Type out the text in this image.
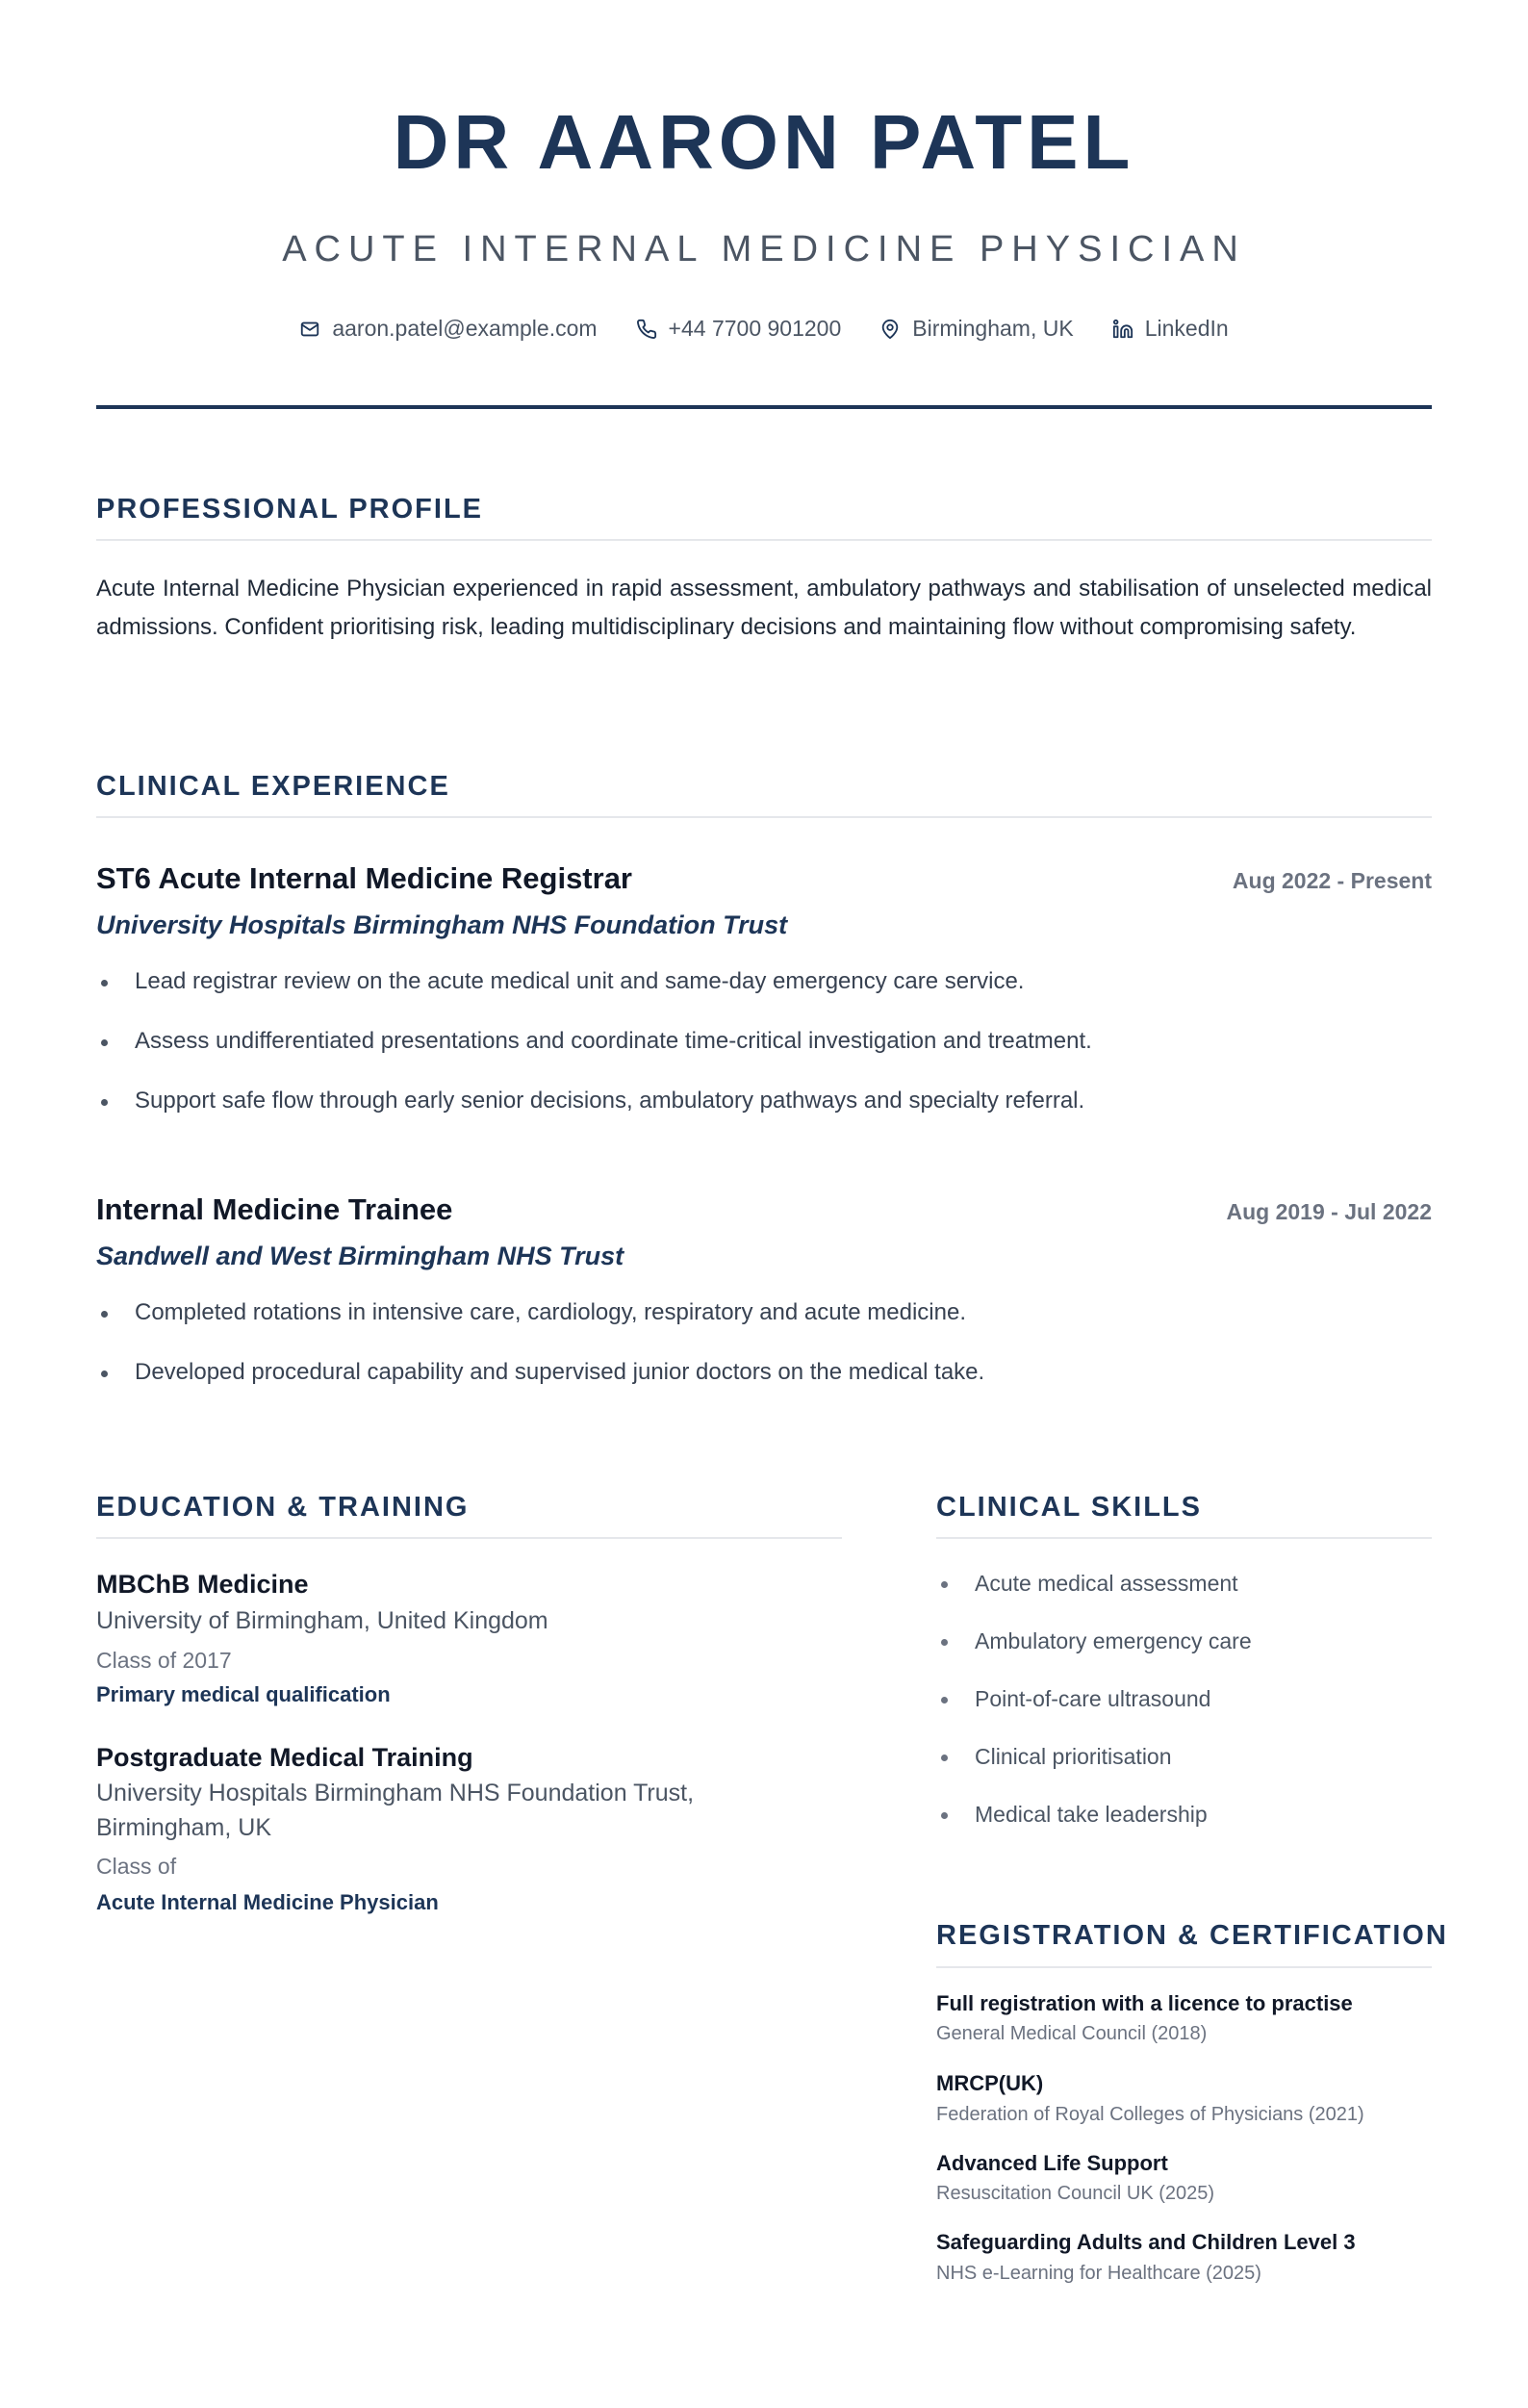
DR AARON PATEL
ACUTE INTERNAL MEDICINE PHYSICIAN
aaron.patel@example.com	+44 7700 901200	Birmingham, UK	LinkedIn
PROFESSIONAL PROFILE

Acute Internal Medicine Physician experienced in rapid assessment, ambulatory pathways and stabilisation of unselected medical admissions. Confident prioritising risk, leading multidisciplinary decisions and maintaining flow without compromising safety.

CLINICAL EXPERIENCE
ST6 Acute Internal Medicine Registrar	Aug 2022 - Present
University Hospitals Birmingham NHS Foundation Trust
Lead registrar review on the acute medical unit and same-day emergency care service.
Assess undifferentiated presentations and coordinate time-critical investigation and treatment.
Support safe flow through early senior decisions, ambulatory pathways and specialty referral.
Internal Medicine Trainee	Aug 2019 - Jul 2022
Sandwell and West Birmingham NHS Trust
Completed rotations in intensive care, cardiology, respiratory and acute medicine.
Developed procedural capability and supervised junior doctors on the medical take.
EDUCATION & TRAINING
MBChB Medicine
University of Birmingham, United Kingdom
Class of 2017
Primary medical qualification
Postgraduate Medical Training
University Hospitals Birmingham NHS Foundation Trust, Birmingham, UK
Class of
Acute Internal Medicine Physician
CLINICAL SKILLS
Acute medical assessment
Ambulatory emergency care
Point-of-care ultrasound
Clinical prioritisation
Medical take leadership
REGISTRATION & CERTIFICATION
Full registration with a licence to practise
General Medical Council (2018)
MRCP(UK)
Federation of Royal Colleges of Physicians (2021)
Advanced Life Support
Resuscitation Council UK (2025)
Safeguarding Adults and Children Level 3
NHS e-Learning for Healthcare (2025)
